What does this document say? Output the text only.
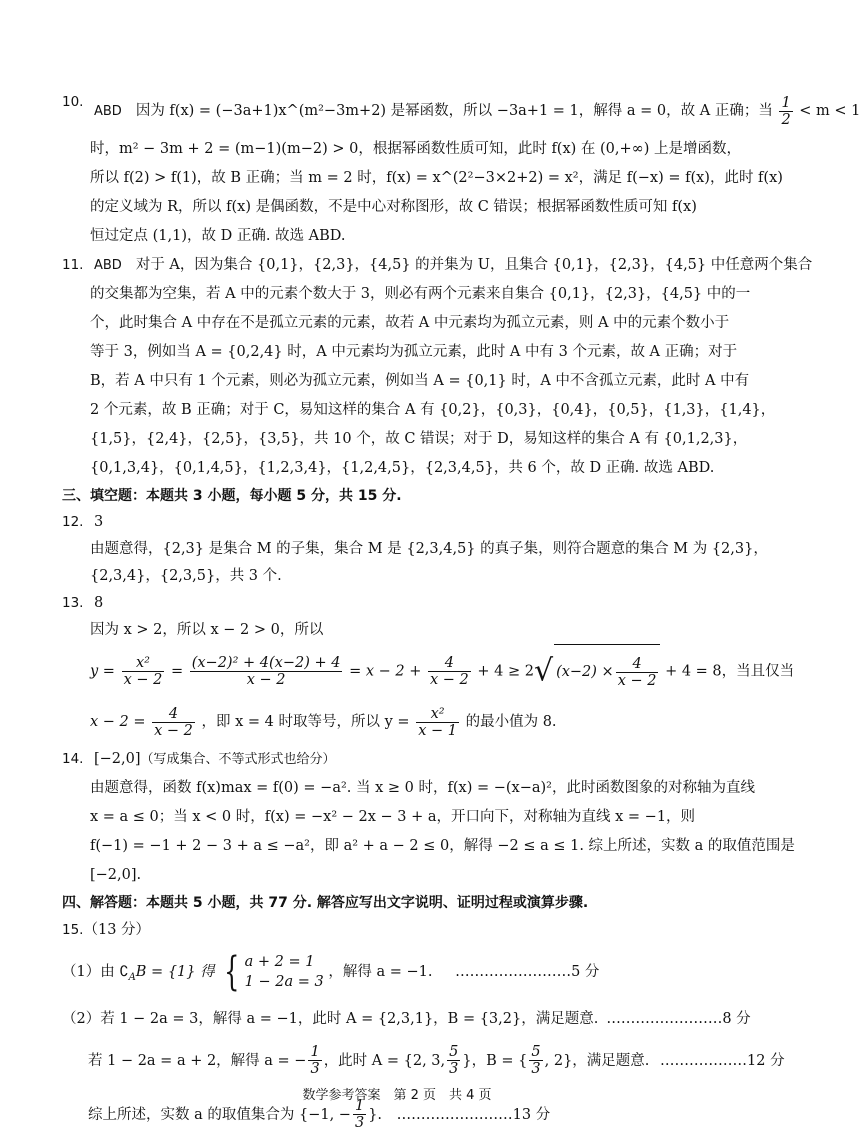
10.
ABD 因为 f(x) = (−3a+1)x^(m²−3m+2) 是幂函数，所以 −3a+1 = 1，解得 a = 0，故 A 正确；当 $\frac{1}{2} < m < 1$
时，m² − 3m + 2 = (m−1)(m−2) > 0，根据幂函数性质可知，此时 f(x) 在 (0,+∞) 上是增函数，
所以 f(2) > f(1)，故 B 正确；当 m = 2 时，f(x) = x^(2²−3×2+2) = x²，满足 f(−x) = f(x)，此时 f(x)
的定义域为 R，所以 f(x) 是偶函数，不是中心对称图形，故 C 错误；根据幂函数性质可知 f(x)
恒过定点 (1,1)，故 D 正确. 故选 ABD.
11. ABD 对于 A，因为集合 {0,1}，{2,3}，{4,5} 的并集为 U，且集合 {0,1}，{2,3}，{4,5} 中任意两个集合
的交集都为空集，若 A 中的元素个数大于 3，则必有两个元素来自集合 {0,1}，{2,3}，{4,5} 中的一
个，此时集合 A 中存在不是孤立元素的元素，故若 A 中元素均为孤立元素，则 A 中的元素个数小于
等于 3，例如当 A = {0,2,4} 时，A 中元素均为孤立元素，此时 A 中有 3 个元素，故 A 正确；对于
B，若 A 中只有 1 个元素，则必为孤立元素，例如当 A = {0,1} 时，A 中不含孤立元素，此时 A 中有
2 个元素，故 B 正确；对于 C，易知这样的集合 A 有 {0,2}，{0,3}，{0,4}，{0,5}，{1,3}，{1,4}，
{1,5}，{2,4}，{2,5}，{3,5}，共 10 个，故 C 错误；对于 D，易知这样的集合 A 有 {0,1,2,3}，
{0,1,3,4}，{0,1,4,5}，{1,2,3,4}，{1,2,4,5}，{2,3,4,5}，共 6 个，故 D 正确. 故选 ABD.

三、填空题：本题共 3 小题，每小题 5 分，共 15 分.

12. 3
由题意得，{2,3} 是集合 M 的子集，集合 M 是 {2,3,4,5} 的真子集，则符合题意的集合 M 为 {2,3}，
{2,3,4}，{2,3,5}，共 3 个.
13. 8
因为 x > 2，所以 x − 2 > 0，所以
$y = \frac{\text{x²}}{x - 2} = \frac{\text{(x−2)² + 4(x−2) + 4}}{x - 2} = x - 2 + \frac{4}{x - 2} + 4 \ge 2√$ $(x-2) \times \frac{4}{x - 2} + 4 = 8$，当且仅当
$x - 2 = \frac{4}{x - 2}$ ，即 x = 4 时取等号，所以 $y = \frac{\text{x²}}{x - 1}$ 的最小值为 8.
14. [−2,0]（写成集合、不等式形式也给分）
由题意得，函数 f(x)max = f(0) = −a². 当 x ≥ 0 时，f(x) = −(x−a)²，此时函数图象的对称轴为直线
x = a ≤ 0；当 x < 0 时，f(x) = −x² − 2x − 3 + a，开口向下，对称轴为直线 x = −1，则
f(−1) = −1 + 2 − 3 + a ≤ −a²，即 a² + a − 2 ≤ 0，解得 −2 ≤ a ≤ 1. 综上所述，实数 a 的取值范围是
[−2,0].

四、解答题：本题共 5 小题，共 77 分. 解答应写出文字说明、证明过程或演算步骤.

15.（13 分）
（1）由 $∁_AB = \{1\}$ 得 { a + 2 = 1
1 − 2a = 3
，解得 a = −1. ……………………5 分
（2）若 1 − 2a = 3，解得 a = −1，此时 A = {2,3,1}，B = {3,2}，满足题意. ……………………8 分
若 1 − 2a = a + 2，解得 a = − $\frac{1}{3}$ ，此时 A = {2, 3, $\frac{5}{3}$ }，B = { $\frac{5}{3}$ , 2}，满足题意. ………………12 分
综上所述，实数 a 的取值集合为 {−1, − $\frac{1}{3}$ }. ……………………13 分
数学参考答案　第 2 页　共 4 页
